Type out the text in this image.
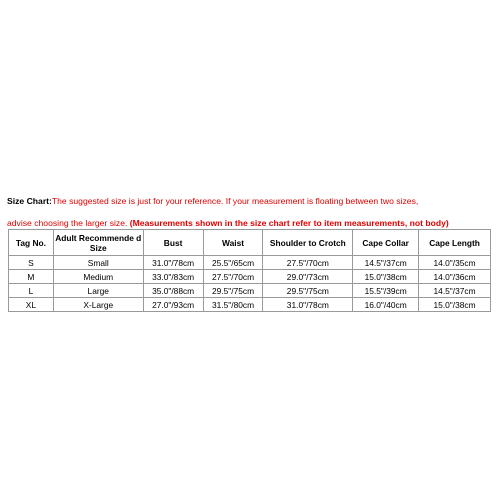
Size Chart:The suggested size is just for your reference. If your measurement is floating between two sizes,
advise choosing the larger size. (Measurements shown in the size chart refer to item measurements, not body)
Tag No.	Adult Recommende d Size	Bust	Waist	Shoulder to Crotch	Cape Collar	Cape Length
S	Small	31.0"/78cm	25.5"/65cm	27.5"/70cm	14.5"/37cm	14.0"/35cm
M	Medium	33.0"/83cm	27.5"/70cm	29.0"/73cm	15.0"/38cm	14.0"/36cm
L	Large	35.0"/88cm	29.5"/75cm	29.5"/75cm	15.5"/39cm	14.5"/37cm
XL	X-Large	27.0"/93cm	31.5"/80cm	31.0"/78cm	16.0"/40cm	15.0"/38cm
